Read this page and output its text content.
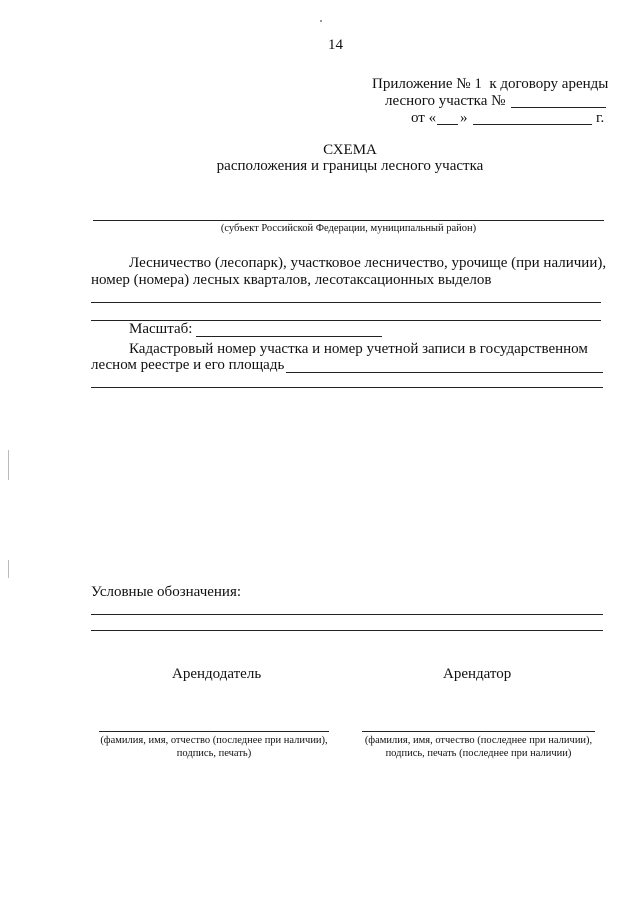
14
Приложение № 1  к договору аренды
лесного участка №
от « »	г.
СХЕМА
расположения и границы лесного участка
(субъект Российской Федерации, муниципальный район)
Лесничество (лесопарк), участковое лесничество, урочище (при наличии),
номер (номера) лесных кварталов, лесотаксационных выделов
Масштаб:
Кадастровый номер участка и номер учетной записи в государственном
лесном реестре и его площадь
Условные обозначения:
Арендодатель	Арендатор
(фамилия, имя, отчество (последнее при наличии),
подпись, печать)
(фамилия, имя, отчество (последнее при наличии),
подпись, печать (последнее при наличии)
